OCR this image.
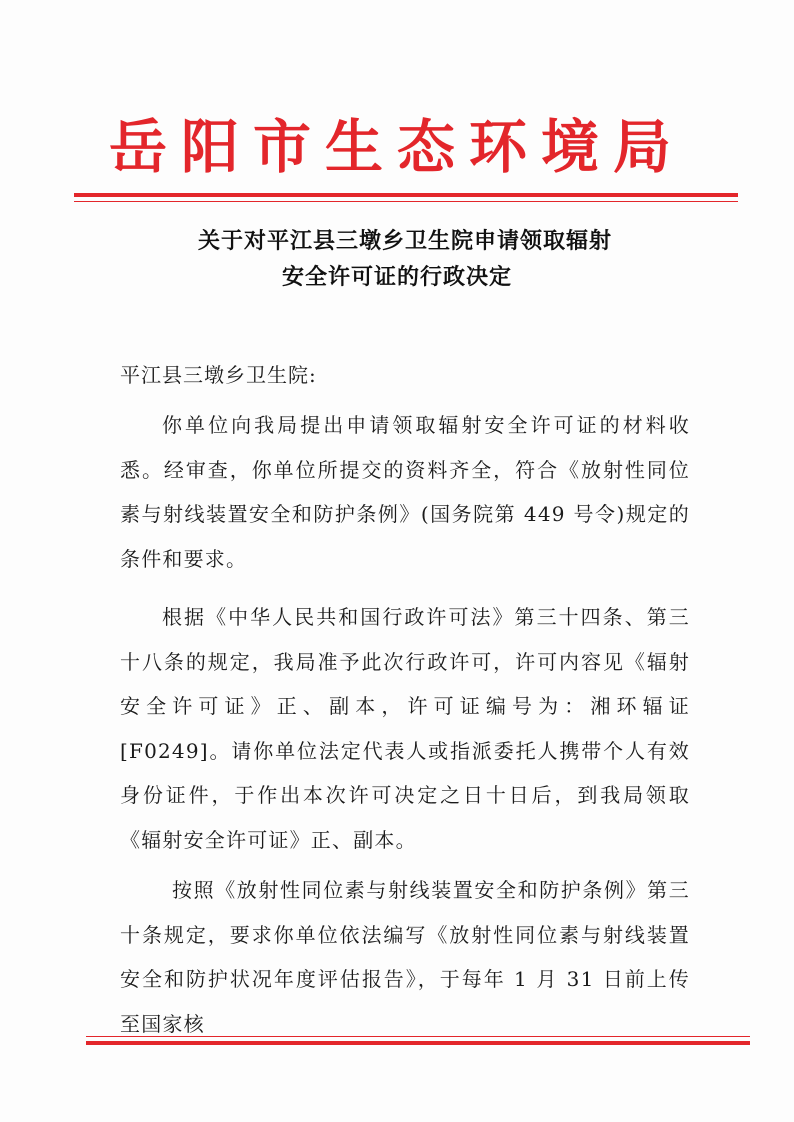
岳阳市生态环境局
关于对平江县三墩乡卫生院申请领取辐射
安全许可证的行政决定
平江县三墩乡卫生院:

你单位向我局提出申请领取辐射安全许可证的材料收悉。经审查，你单位所提交的资料齐全，符合《放射性同位素与射线装置安全和防护条例》(国务院第 449 号令)规定的条件和要求。

根据《中华人民共和国行政许可法》第三十四条、第三十八条的规定，我局准予此次行政许可，许可内容见《辐射安全许可证》正、副本，许可证编号为：湘环辐证[F0249]。请你单位法定代表人或指派委托人携带个人有效身份证件，于作出本次许可决定之日十日后，到我局领取《辐射安全许可证》正、副本。

按照《放射性同位素与射线装置安全和防护条例》第三十条规定，要求你单位依法编写《放射性同位素与射线装置安全和防护状况年度评估报告》，于每年 1 月 31 日前上传至国家核
